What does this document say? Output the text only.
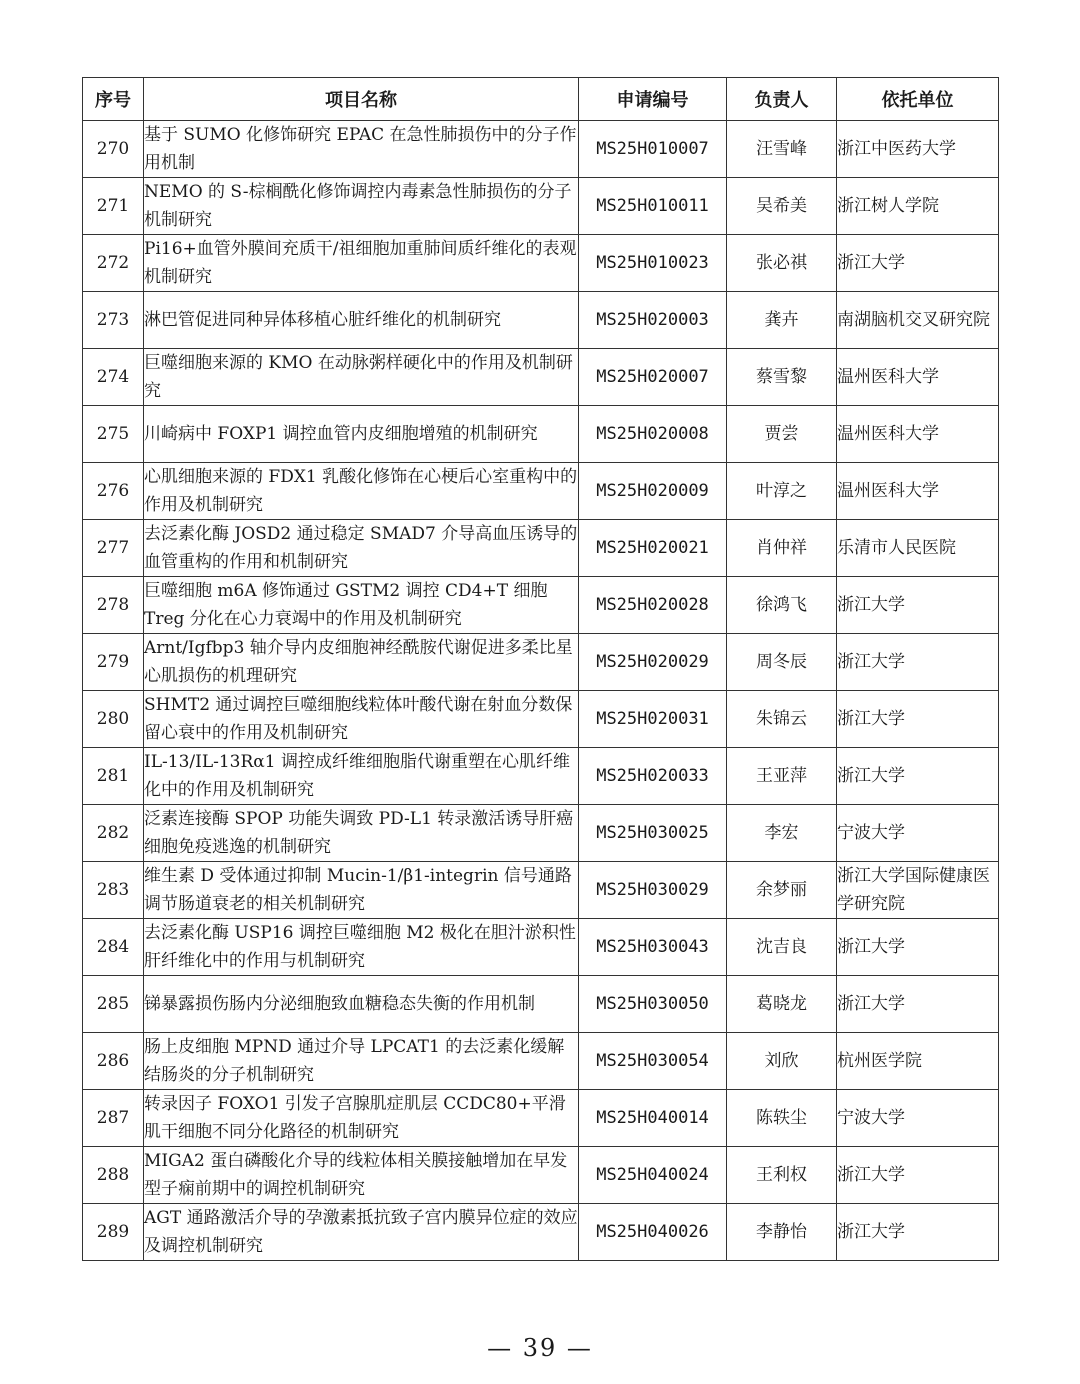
序号	项目名称	申请编号	负责人	依托单位
270	基于 SUMO 化修饰研究 EPAC 在急性肺损伤中的分子作用机制	MS25H010007	汪雪峰	浙江中医药大学
271	NEMO 的 S-棕榈酰化修饰调控内毒素急性肺损伤的分子机制研究	MS25H010011	吴希美	浙江树人学院
272	Pi16+血管外膜间充质干/祖细胞加重肺间质纤维化的表观机制研究	MS25H010023	张必祺	浙江大学
273	淋巴管促进同种异体移植心脏纤维化的机制研究	MS25H020003	龚卉	南湖脑机交叉研究院
274	巨噬细胞来源的 KMO 在动脉粥样硬化中的作用及机制研究	MS25H020007	蔡雪黎	温州医科大学
275	川崎病中 FOXP1 调控血管内皮细胞增殖的机制研究	MS25H020008	贾尝	温州医科大学
276	心肌细胞来源的 FDX1 乳酸化修饰在心梗后心室重构中的作用及机制研究	MS25H020009	叶淳之	温州医科大学
277	去泛素化酶 JOSD2 通过稳定 SMAD7 介导高血压诱导的血管重构的作用和机制研究	MS25H020021	肖仲祥	乐清市人民医院
278	巨噬细胞 m6A 修饰通过 GSTM2 调控 CD4+T 细胞 Treg 分化在心力衰竭中的作用及机制研究	MS25H020028	徐鸿飞	浙江大学
279	Arnt/Igfbp3 轴介导内皮细胞神经酰胺代谢促进多柔比星心肌损伤的机理研究	MS25H020029	周冬辰	浙江大学
280	SHMT2 通过调控巨噬细胞线粒体叶酸代谢在射血分数保留心衰中的作用及机制研究	MS25H020031	朱锦云	浙江大学
281	IL-13/IL-13Rα1 调控成纤维细胞脂代谢重塑在心肌纤维化中的作用及机制研究	MS25H020033	王亚萍	浙江大学
282	泛素连接酶 SPOP 功能失调致 PD-L1 转录激活诱导肝癌细胞免疫逃逸的机制研究	MS25H030025	李宏	宁波大学
283	维生素 D 受体通过抑制 Mucin-1/β1-integrin 信号通路调节肠道衰老的相关机制研究	MS25H030029	余梦丽	浙江大学国际健康医学研究院
284	去泛素化酶 USP16 调控巨噬细胞 M2 极化在胆汁淤积性肝纤维化中的作用与机制研究	MS25H030043	沈吉良	浙江大学
285	锑暴露损伤肠内分泌细胞致血糖稳态失衡的作用机制	MS25H030050	葛晓龙	浙江大学
286	肠上皮细胞 MPND 通过介导 LPCAT1 的去泛素化缓解结肠炎的分子机制研究	MS25H030054	刘欣	杭州医学院
287	转录因子 FOXO1 引发子宫腺肌症肌层 CCDC80+平滑肌干细胞不同分化路径的机制研究	MS25H040014	陈轶尘	宁波大学
288	MIGA2 蛋白磷酸化介导的线粒体相关膜接触增加在早发型子痫前期中的调控机制研究	MS25H040024	王利权	浙江大学
289	AGT 通路激活介导的孕激素抵抗致子宫内膜异位症的效应及调控机制研究	MS25H040026	李静怡	浙江大学
— 39 —
